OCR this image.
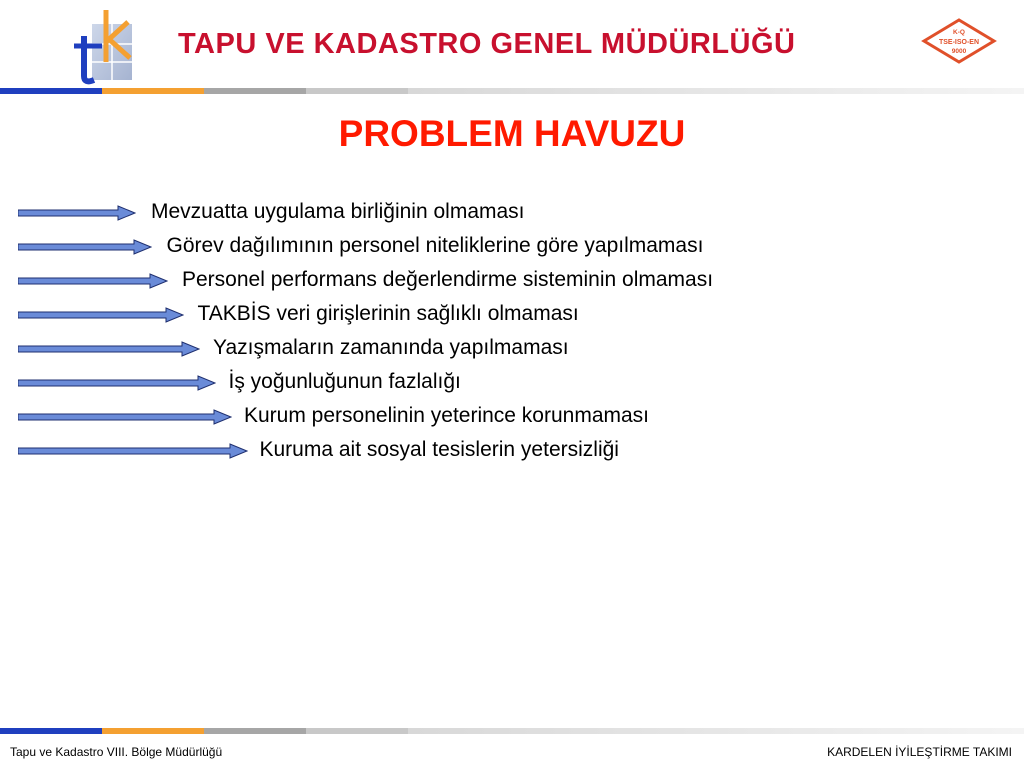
TAPU VE KADASTRO GENEL MÜDÜRLÜĞÜ	K-Q
TSE-ISO-EN
9000
PROBLEM HAVUZU
Mevzuatta uygulama birliğinin olmaması
Görev dağılımının personel niteliklerine göre yapılmaması
Personel performans değerlendirme sisteminin olmaması
TAKBİS veri girişlerinin sağlıklı olmaması
Yazışmaların zamanında yapılmaması
İş yoğunluğunun fazlalığı
Kurum personelinin yeterince korunmaması
Kuruma ait sosyal tesislerin yetersizliği
Tapu ve Kadastro VIII. Bölge Müdürlüğü	KARDELEN İYİLEŞTİRME TAKIMI
